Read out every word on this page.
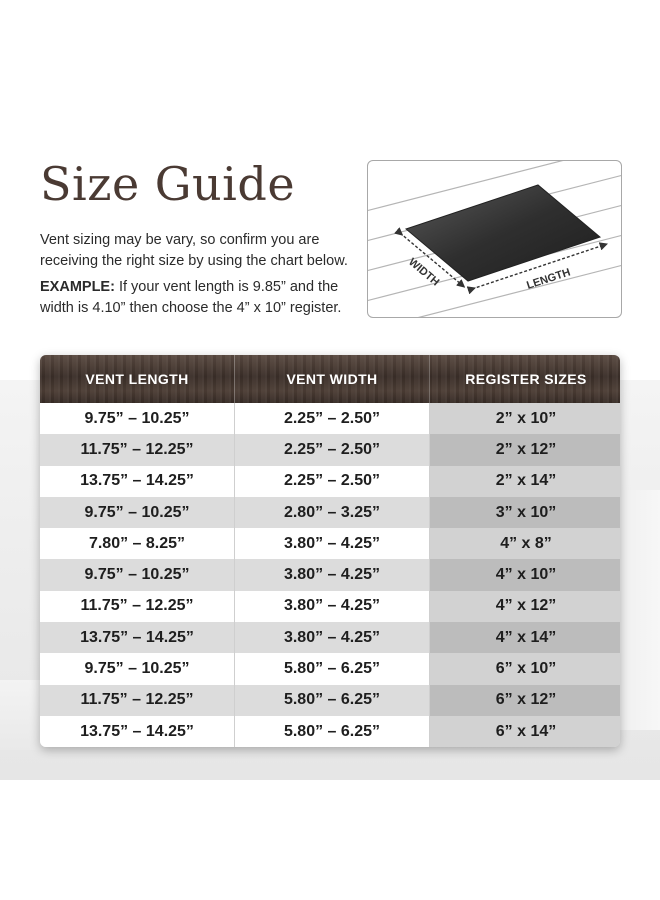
Size Guide

Vent sizing may be vary, so confirm you are receiving the right size by using the chart below.

EXAMPLE: If your vent length is 9.85” and the width is 4.10” then choose the 4” x 10” register.

WIDTH	LENGTH
VENT LENGTH	VENT WIDTH	REGISTER SIZES
9.75” – 10.25”	2.25” – 2.50”	2” x 10”
11.75” – 12.25”	2.25” – 2.50”	2” x 12”
13.75” – 14.25”	2.25” – 2.50”	2” x 14”
9.75” – 10.25”	2.80” – 3.25”	3” x 10”
7.80” – 8.25”	3.80” – 4.25”	4” x 8”
9.75” – 10.25”	3.80” – 4.25”	4” x 10”
11.75” – 12.25”	3.80” – 4.25”	4” x 12”
13.75” – 14.25”	3.80” – 4.25”	4” x 14”
9.75” – 10.25”	5.80” – 6.25”	6” x 10”
11.75” – 12.25”	5.80” – 6.25”	6” x 12”
13.75” – 14.25”	5.80” – 6.25”	6” x 14”
